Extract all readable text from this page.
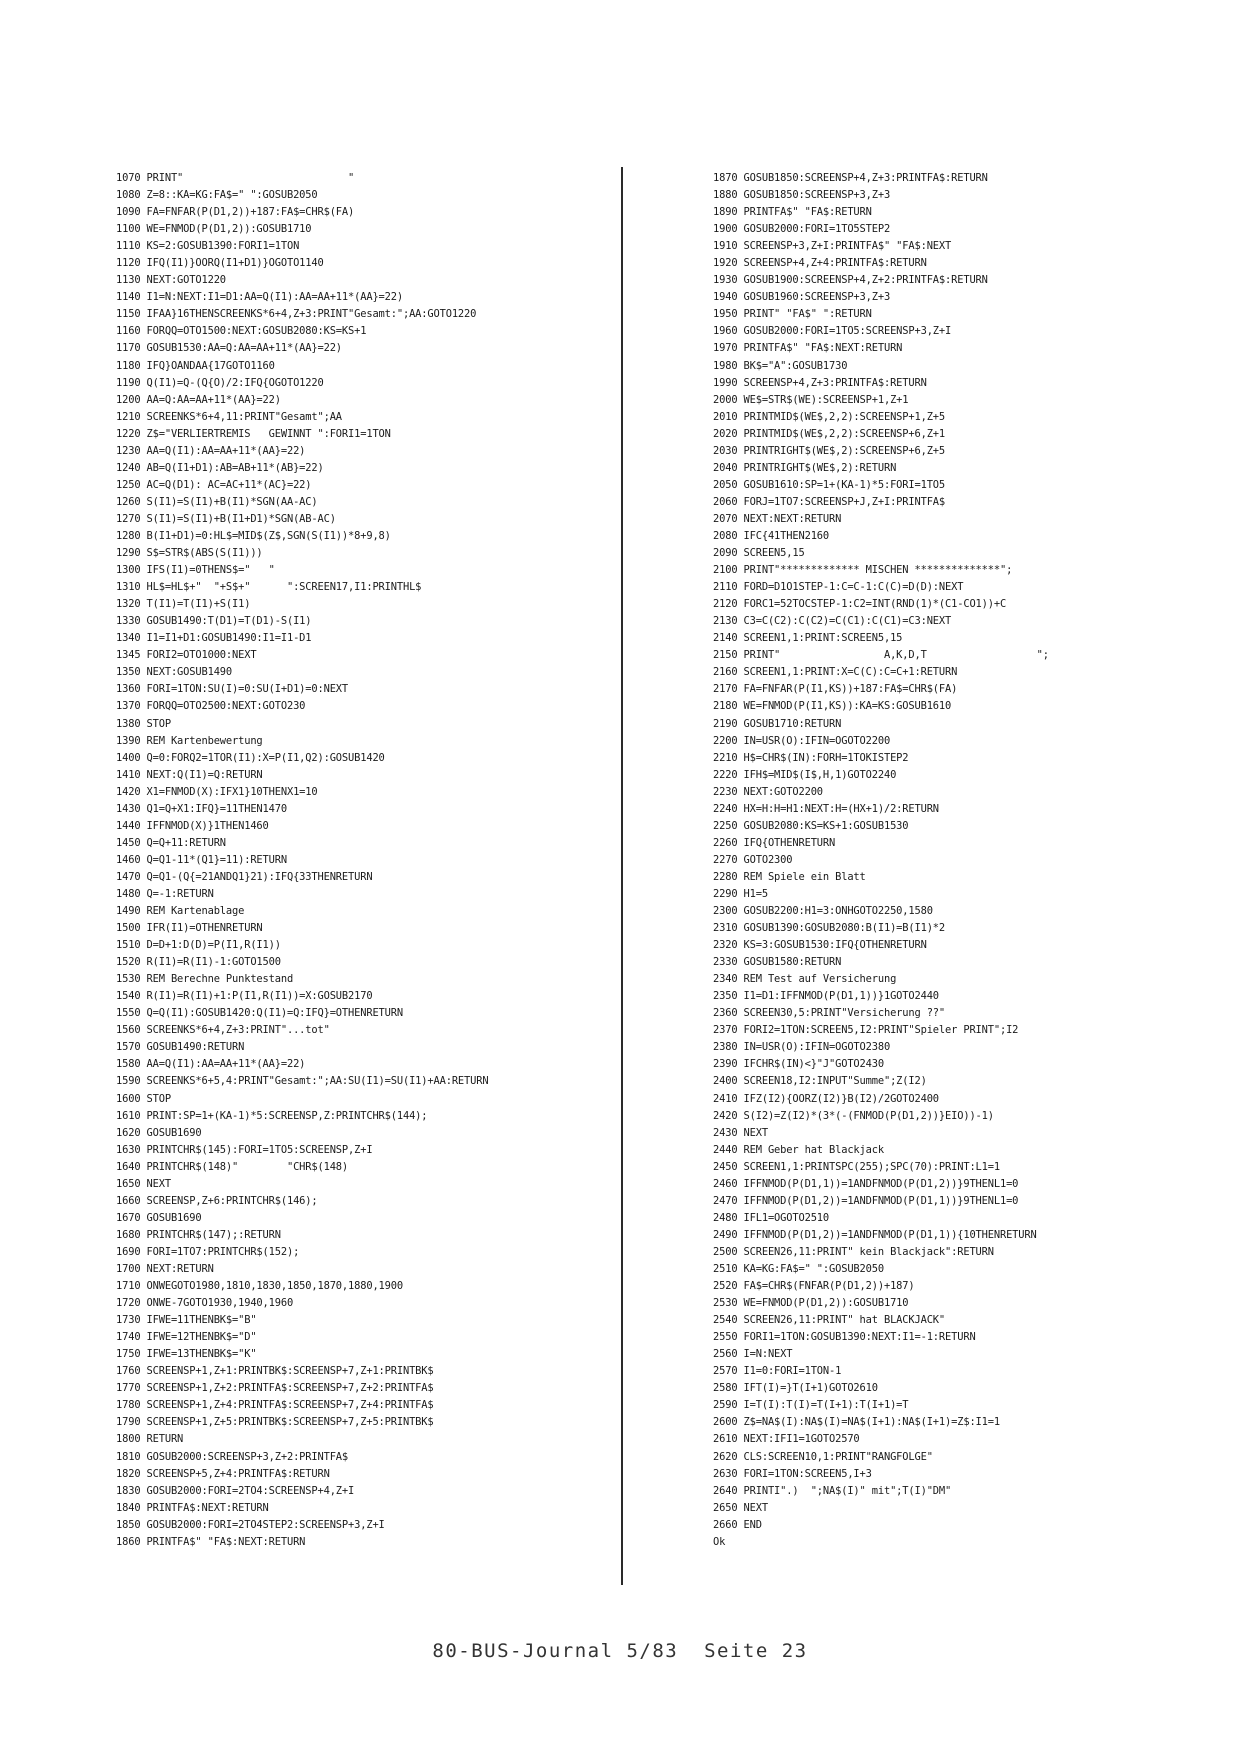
1070 PRINT"                           "
1080 Z=8::KA=KG:FA$=" ":GOSUB2050
1090 FA=FNFAR(P(D1,2))+187:FA$=CHR$(FA)
1100 WE=FNMOD(P(D1,2)):GOSUB1710
1110 KS=2:GOSUB1390:FORI1=1TON
1120 IFQ(I1)}OORQ(I1+D1)}OGOTO1140
1130 NEXT:GOTO1220
1140 I1=N:NEXT:I1=D1:AA=Q(I1):AA=AA+11*(AA}=22)
1150 IFAA}16THENSCREENKS*6+4,Z+3:PRINT"Gesamt:";AA:GOTO1220
1160 FORQQ=OTO1500:NEXT:GOSUB2080:KS=KS+1
1170 GOSUB1530:AA=Q:AA=AA+11*(AA}=22)
1180 IFQ}OANDAA{17GOTO1160
1190 Q(I1)=Q-(Q{O)/2:IFQ{OGOTO1220
1200 AA=Q:AA=AA+11*(AA}=22)
1210 SCREENKS*6+4,11:PRINT"Gesamt";AA
1220 Z$="VERLIERTREMIS   GEWINNT ":FORI1=1TON
1230 AA=Q(I1):AA=AA+11*(AA}=22)
1240 AB=Q(I1+D1):AB=AB+11*(AB}=22)
1250 AC=Q(D1): AC=AC+11*(AC}=22)
1260 S(I1)=S(I1)+B(I1)*SGN(AA-AC)
1270 S(I1)=S(I1)+B(I1+D1)*SGN(AB-AC)
1280 B(I1+D1)=0:HL$=MID$(Z$,SGN(S(I1))*8+9,8)
1290 S$=STR$(ABS(S(I1)))
1300 IFS(I1)=0THENS$="   "
1310 HL$=HL$+"  "+S$+"      ":SCREEN17,I1:PRINTHL$
1320 T(I1)=T(I1)+S(I1)
1330 GOSUB1490:T(D1)=T(D1)-S(I1)
1340 I1=I1+D1:GOSUB1490:I1=I1-D1
1345 FORI2=OTO1000:NEXT
1350 NEXT:GOSUB1490
1360 FORI=1TON:SU(I)=0:SU(I+D1)=0:NEXT
1370 FORQQ=OTO2500:NEXT:GOTO230
1380 STOP
1390 REM Kartenbewertung
1400 Q=0:FORQ2=1TOR(I1):X=P(I1,Q2):GOSUB1420
1410 NEXT:Q(I1)=Q:RETURN
1420 X1=FNMOD(X):IFX1}10THENX1=10
1430 Q1=Q+X1:IFQ}=11THEN1470
1440 IFFNMOD(X)}1THEN1460
1450 Q=Q+11:RETURN
1460 Q=Q1-11*(Q1}=11):RETURN
1470 Q=Q1-(Q{=21ANDQ1}21):IFQ{33THENRETURN
1480 Q=-1:RETURN
1490 REM Kartenablage
1500 IFR(I1)=OTHENRETURN
1510 D=D+1:D(D)=P(I1,R(I1))
1520 R(I1)=R(I1)-1:GOTO1500
1530 REM Berechne Punktestand
1540 R(I1)=R(I1)+1:P(I1,R(I1))=X:GOSUB2170
1550 Q=Q(I1):GOSUB1420:Q(I1)=Q:IFQ}=OTHENRETURN
1560 SCREENKS*6+4,Z+3:PRINT"...tot"
1570 GOSUB1490:RETURN
1580 AA=Q(I1):AA=AA+11*(AA}=22)
1590 SCREENKS*6+5,4:PRINT"Gesamt:";AA:SU(I1)=SU(I1)+AA:RETURN
1600 STOP
1610 PRINT:SP=1+(KA-1)*5:SCREENSP,Z:PRINTCHR$(144);
1620 GOSUB1690
1630 PRINTCHR$(145):FORI=1TO5:SCREENSP,Z+I
1640 PRINTCHR$(148)"        "CHR$(148)
1650 NEXT
1660 SCREENSP,Z+6:PRINTCHR$(146);
1670 GOSUB1690
1680 PRINTCHR$(147);:RETURN
1690 FORI=1TO7:PRINTCHR$(152);
1700 NEXT:RETURN
1710 ONWEGOTO1980,1810,1830,1850,1870,1880,1900
1720 ONWE-7GOTO1930,1940,1960
1730 IFWE=11THENBK$="B"
1740 IFWE=12THENBK$="D"
1750 IFWE=13THENBK$="K"
1760 SCREENSP+1,Z+1:PRINTBK$:SCREENSP+7,Z+1:PRINTBK$
1770 SCREENSP+1,Z+2:PRINTFA$:SCREENSP+7,Z+2:PRINTFA$
1780 SCREENSP+1,Z+4:PRINTFA$:SCREENSP+7,Z+4:PRINTFA$
1790 SCREENSP+1,Z+5:PRINTBK$:SCREENSP+7,Z+5:PRINTBK$
1800 RETURN
1810 GOSUB2000:SCREENSP+3,Z+2:PRINTFA$
1820 SCREENSP+5,Z+4:PRINTFA$:RETURN
1830 GOSUB2000:FORI=2TO4:SCREENSP+4,Z+I
1840 PRINTFA$:NEXT:RETURN
1850 GOSUB2000:FORI=2TO4STEP2:SCREENSP+3,Z+I
1860 PRINTFA$" "FA$:NEXT:RETURN
1870 GOSUB1850:SCREENSP+4,Z+3:PRINTFA$:RETURN
1880 GOSUB1850:SCREENSP+3,Z+3
1890 PRINTFA$" "FA$:RETURN
1900 GOSUB2000:FORI=1TO5STEP2
1910 SCREENSP+3,Z+I:PRINTFA$" "FA$:NEXT
1920 SCREENSP+4,Z+4:PRINTFA$:RETURN
1930 GOSUB1900:SCREENSP+4,Z+2:PRINTFA$:RETURN
1940 GOSUB1960:SCREENSP+3,Z+3
1950 PRINT" "FA$" ":RETURN
1960 GOSUB2000:FORI=1TO5:SCREENSP+3,Z+I
1970 PRINTFA$" "FA$:NEXT:RETURN
1980 BK$="A":GOSUB1730
1990 SCREENSP+4,Z+3:PRINTFA$:RETURN
2000 WE$=STR$(WE):SCREENSP+1,Z+1
2010 PRINTMID$(WE$,2,2):SCREENSP+1,Z+5
2020 PRINTMID$(WE$,2,2):SCREENSP+6,Z+1
2030 PRINTRIGHT$(WE$,2):SCREENSP+6,Z+5
2040 PRINTRIGHT$(WE$,2):RETURN
2050 GOSUB1610:SP=1+(KA-1)*5:FORI=1TO5
2060 FORJ=1TO7:SCREENSP+J,Z+I:PRINTFA$
2070 NEXT:NEXT:RETURN
2080 IFC{41THEN2160
2090 SCREEN5,15
2100 PRINT"************* MISCHEN **************";
2110 FORD=D1O1STEP-1:C=C-1:C(C)=D(D):NEXT
2120 FORC1=52TOCSTEP-1:C2=INT(RND(1)*(C1-CO1))+C
2130 C3=C(C2):C(C2)=C(C1):C(C1)=C3:NEXT
2140 SCREEN1,1:PRINT:SCREEN5,15
2150 PRINT"                 A,K,D,T                  ";
2160 SCREEN1,1:PRINT:X=C(C):C=C+1:RETURN
2170 FA=FNFAR(P(I1,KS))+187:FA$=CHR$(FA)
2180 WE=FNMOD(P(I1,KS)):KA=KS:GOSUB1610
2190 GOSUB1710:RETURN
2200 IN=USR(O):IFIN=OGOTO2200
2210 H$=CHR$(IN):FORH=1TOKISTEP2
2220 IFH$=MID$(I$,H,1)GOTO2240
2230 NEXT:GOTO2200
2240 HX=H:H=H1:NEXT:H=(HX+1)/2:RETURN
2250 GOSUB2080:KS=KS+1:GOSUB1530
2260 IFQ{OTHENRETURN
2270 GOTO2300
2280 REM Spiele ein Blatt
2290 H1=5
2300 GOSUB2200:H1=3:ONHGOTO2250,1580
2310 GOSUB1390:GOSUB2080:B(I1)=B(I1)*2
2320 KS=3:GOSUB1530:IFQ{OTHENRETURN
2330 GOSUB1580:RETURN
2340 REM Test auf Versicherung
2350 I1=D1:IFFNMOD(P(D1,1))}1GOTO2440
2360 SCREEN30,5:PRINT"Versicherung ??"
2370 FORI2=1TON:SCREEN5,I2:PRINT"Spieler PRINT";I2
2380 IN=USR(O):IFIN=OGOTO2380
2390 IFCHR$(IN)<}"J"GOTO2430
2400 SCREEN18,I2:INPUT"Summe";Z(I2)
2410 IFZ(I2){OORZ(I2)}B(I2)/2GOTO2400
2420 S(I2)=Z(I2)*(3*(-(FNMOD(P(D1,2))}EIO))-1)
2430 NEXT
2440 REM Geber hat Blackjack
2450 SCREEN1,1:PRINTSPC(255);SPC(70):PRINT:L1=1
2460 IFFNMOD(P(D1,1))=1ANDFNMOD(P(D1,2))}9THENL1=0
2470 IFFNMOD(P(D1,2))=1ANDFNMOD(P(D1,1))}9THENL1=0
2480 IFL1=OGOTO2510
2490 IFFNMOD(P(D1,2))=1ANDFNMOD(P(D1,1)){10THENRETURN
2500 SCREEN26,11:PRINT" kein Blackjack":RETURN
2510 KA=KG:FA$=" ":GOSUB2050
2520 FA$=CHR$(FNFAR(P(D1,2))+187)
2530 WE=FNMOD(P(D1,2)):GOSUB1710
2540 SCREEN26,11:PRINT" hat BLACKJACK"
2550 FORI1=1TON:GOSUB1390:NEXT:I1=-1:RETURN
2560 I=N:NEXT
2570 I1=0:FORI=1TON-1
2580 IFT(I)=}T(I+1)GOTO2610
2590 I=T(I):T(I)=T(I+1):T(I+1)=T
2600 Z$=NA$(I):NA$(I)=NA$(I+1):NA$(I+1)=Z$:I1=1
2610 NEXT:IFI1=1GOTO2570
2620 CLS:SCREEN10,1:PRINT"RANGFOLGE"
2630 FORI=1TON:SCREEN5,I+3
2640 PRINTI".)  ";NA$(I)" mit";T(I)"DM"
2650 NEXT
2660 END
Ok
80-BUS-Journal 5/83  Seite 23
